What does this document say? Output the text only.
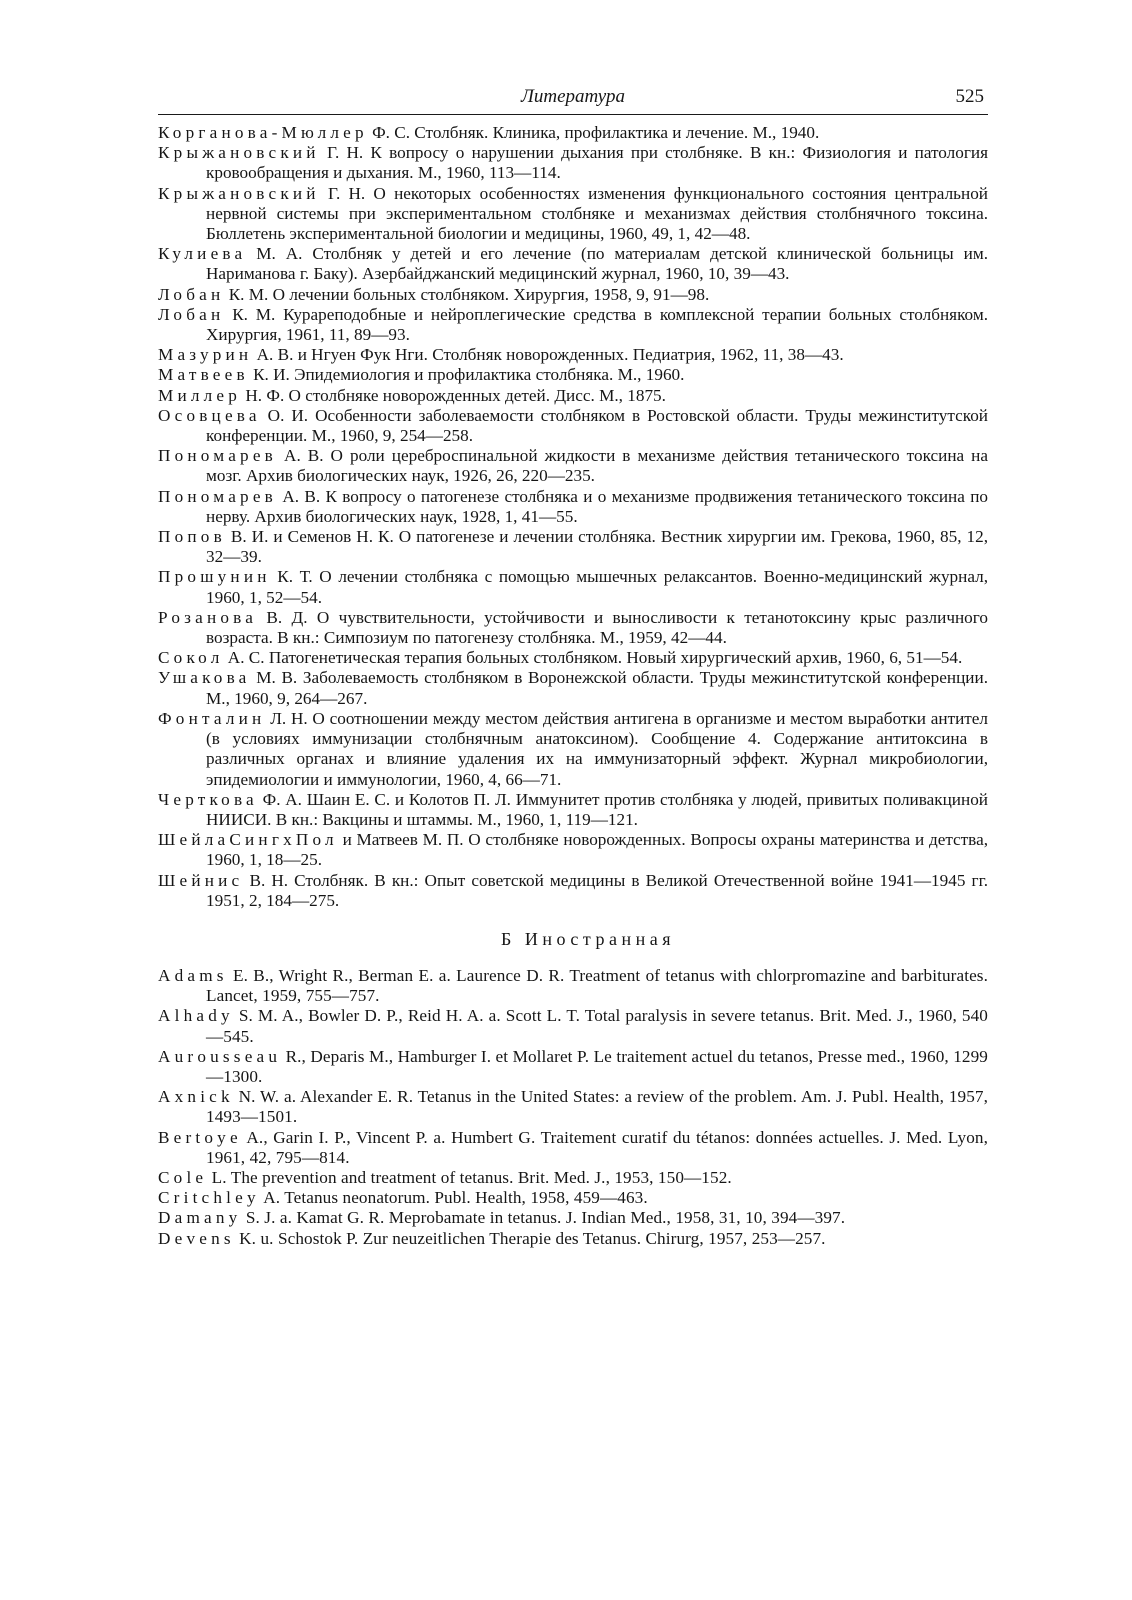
Литература	525

Корганова-Мюллер Ф. С. Столбняк. Клиника, профилактика и лечение. М., 1940.

Крыжановский Г. Н. К вопросу о нарушении дыхания при столбняке. В кн.: Физиология и патология кровообращения и дыхания. М., 1960, 113—114.

Крыжановский Г. Н. О некоторых особенностях изменения функционального состояния центральной нервной системы при экспериментальном столбняке и механизмах действия столбнячного токсина. Бюллетень экспериментальной биологии и медицины, 1960, 49, 1, 42—48.

Кулиева М. А. Столбняк у детей и его лечение (по материалам детской клинической больницы им. Нариманова г. Баку). Азербайджанский медицинский журнал, 1960, 10, 39—43.

Лобан К. М. О лечении больных столбняком. Хирургия, 1958, 9, 91—98.

Лобан К. М. Курареподобные и нейроплегические средства в комплексной терапии больных столбняком. Хирургия, 1961, 11, 89—93.

Мазурин А. В. и Нгуен Фук Нги. Столбняк новорожденных. Педиатрия, 1962, 11, 38—43.

Матвеев К. И. Эпидемиология и профилактика столбняка. М., 1960.

Миллер Н. Ф. О столбняке новорожденных детей. Дисс. М., 1875.

Осовцева О. И. Особенности заболеваемости столбняком в Ростовской области. Труды межинститутской конференции. М., 1960, 9, 254—258.

Пономарев А. В. О роли цереброспинальной жидкости в механизме действия тетанического токсина на мозг. Архив биологических наук, 1926, 26, 220—235.

Пономарев А. В. К вопросу о патогенезе столбняка и о механизме продвижения тетанического токсина по нерву. Архив биологических наук, 1928, 1, 41—55.

Попов В. И. и Семенов Н. К. О патогенезе и лечении столбняка. Вестник хирургии им. Грекова, 1960, 85, 12, 32—39.

Прошунин К. Т. О лечении столбняка с помощью мышечных релаксантов. Военно-медицинский журнал, 1960, 1, 52—54.

Розанова В. Д. О чувствительности, устойчивости и выносливости к тетанотоксину крыс различного возраста. В кн.: Симпозиум по патогенезу столбняка. М., 1959, 42—44.

Сокол А. С. Патогенетическая терапия больных столбняком. Новый хирургический архив, 1960, 6, 51—54.

Ушакова М. В. Заболеваемость столбняком в Воронежской области. Труды межинститутской конференции. М., 1960, 9, 264—267.

Фонталин Л. Н. О соотношении между местом действия антигена в организме и местом выработки антител (в условиях иммунизации столбнячным анатоксином). Сообщение 4. Содержание антитоксина в различных органах и влияние удаления их на иммунизаторный эффект. Журнал микробиологии, эпидемиологии и иммунологии, 1960, 4, 66—71.

Черткова Ф. А. Шаин Е. С. и Колотов П. Л. Иммунитет против столбняка у людей, привитых поливакциной НИИСИ. В кн.: Вакцины и штаммы. М., 1960, 1, 119—121.

ШейлаСингхПол и Матвеев М. П. О столбняке новорожденных. Вопросы охраны материнства и детства, 1960, 1, 18—25.

Шейнис В. Н. Столбняк. В кн.: Опыт советской медицины в Великой Отечественной войне 1941—1945 гг. 1951, 2, 184—275.

Б Иностранная

Adams E. B., Wright R., Berman E. a. Laurence D. R. Treatment of tetanus with chlorpromazine and barbiturates. Lancet, 1959, 755—757.

Alhady S. M. A., Bowler D. P., Reid H. A. a. Scott L. T. Total paralysis in severe tetanus. Brit. Med. J., 1960, 540—545.

Aurousseau R., Deparis M., Hamburger I. et Mollaret P. Le traitement actuel du tetanos, Presse med., 1960, 1299—1300.

Axnick N. W. a. Alexander E. R. Tetanus in the United States: a review of the problem. Am. J. Publ. Health, 1957, 1493—1501.

Bertoye A., Garin I. P., Vincent P. a. Humbert G. Traitement curatif du tétanos: données actuelles. J. Med. Lyon, 1961, 42, 795—814.

Cole L. The prevention and treatment of tetanus. Brit. Med. J., 1953, 150—152.

Critchley A. Tetanus neonatorum. Publ. Health, 1958, 459—463.

Damany S. J. a. Kamat G. R. Meprobamate in tetanus. J. Indian Med., 1958, 31, 10, 394—397.

Devens K. u. Schostok P. Zur neuzeitlichen Therapie des Tetanus. Chirurg, 1957, 253—257.
